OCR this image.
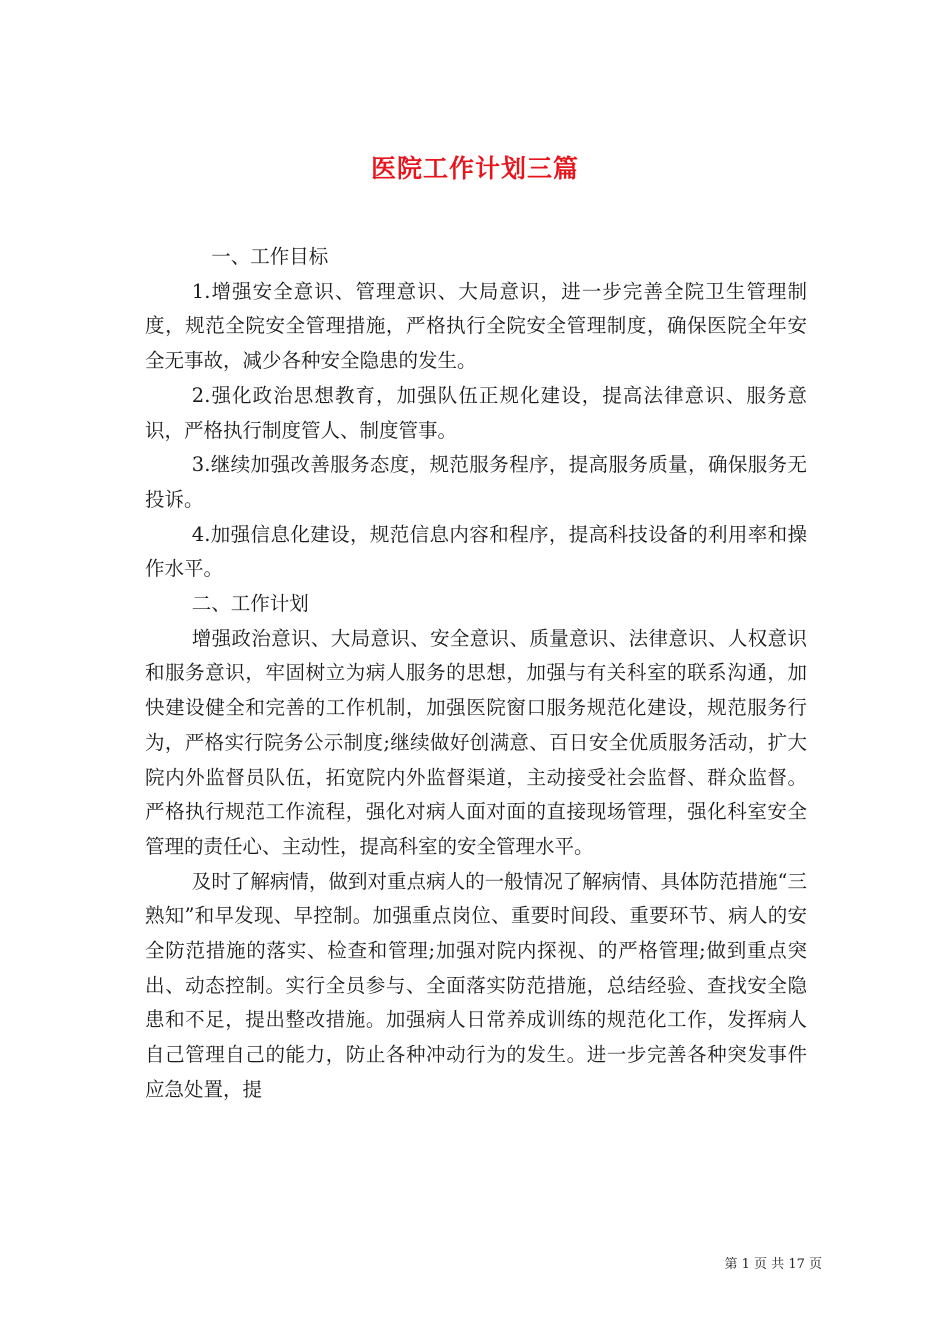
医院工作计划三篇

一、工作目标

1.增强安全意识、管理意识、大局意识，进一步完善全院卫生管理制度，规范全院安全管理措施，严格执行全院安全管理制度，确保医院全年安全无事故，减少各种安全隐患的发生。

2.强化政治思想教育，加强队伍正规化建设，提高法律意识、服务意识，严格执行制度管人、制度管事。

3.继续加强改善服务态度，规范服务程序，提高服务质量，确保服务无投诉。

4.加强信息化建设，规范信息内容和程序，提高科技设备的利用率和操作水平。

二、工作计划

增强政治意识、大局意识、安全意识、质量意识、法律意识、人权意识和服务意识，牢固树立为病人服务的思想，加强与有关科室的联系沟通，加快建设健全和完善的工作机制，加强医院窗口服务规范化建设，规范服务行为，严格实行院务公示制度;继续做好创满意、百日安全优质服务活动，扩大院内外监督员队伍，拓宽院内外监督渠道，主动接受社会监督、群众监督。严格执行规范工作流程，强化对病人面对面的直接现场管理，强化科室安全管理的责任心、主动性，提高科室的安全管理水平。

及时了解病情，做到对重点病人的一般情况了解病情、具体防范措施“三熟知”和早发现、早控制。加强重点岗位、重要时间段、重要环节、病人的安全防范措施的落实、检查和管理;加强对院内探视、的严格管理;做到重点突出、动态控制。实行全员参与、全面落实防范措施，总结经验、查找安全隐患和不足，提出整改措施。加强病人日常养成训练的规范化工作，发挥病人自己管理自己的能力，防止各种冲动行为的发生。进一步完善各种突发事件应急处置，提

第 1 页 共 17 页
